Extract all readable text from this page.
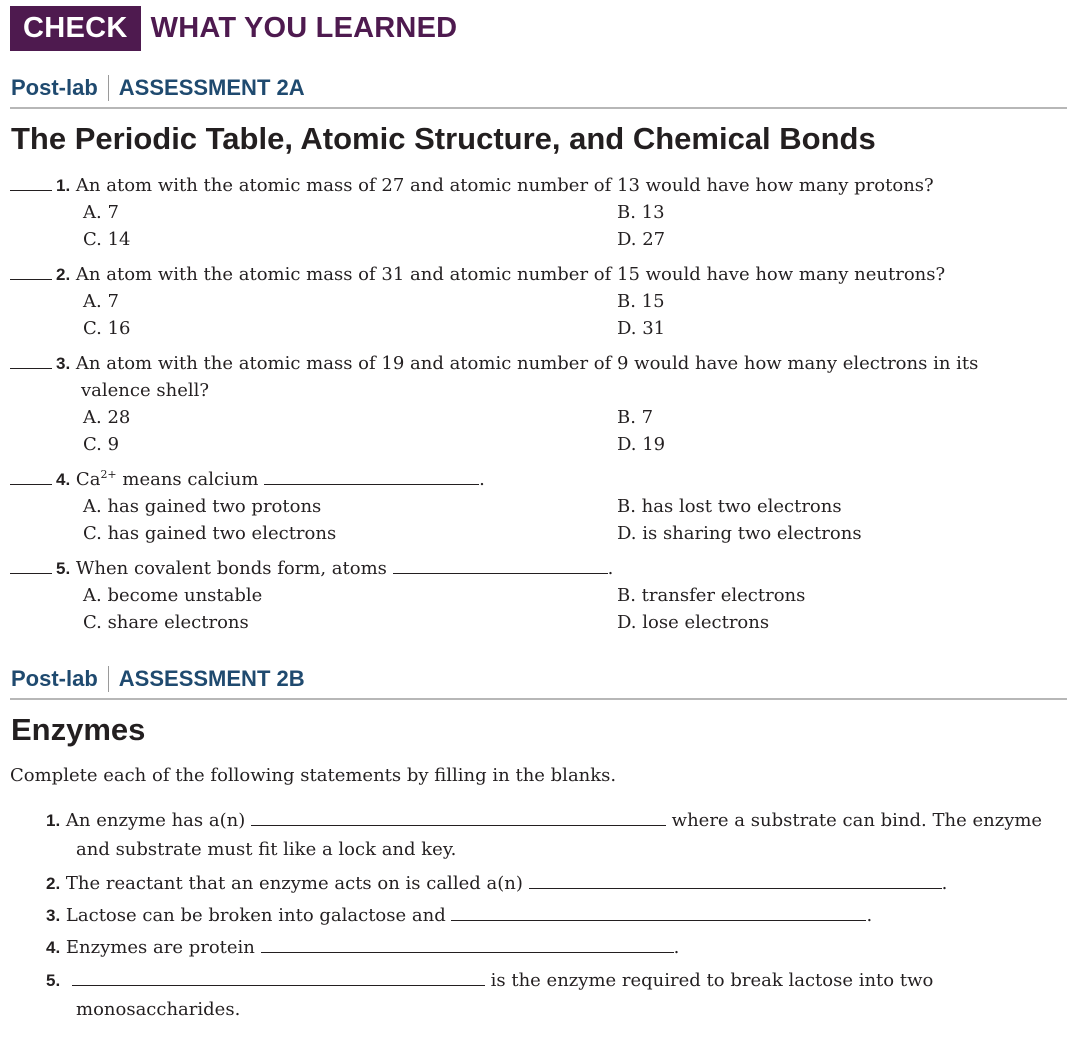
CHECK WHAT YOU LEARNED
Post-lab ASSESSMENT 2A
The Periodic Table, Atomic Structure, and Chemical Bonds
1. An atom with the atomic mass of 27 and atomic number of 13 would have how many protons?
A. 7	B. 13
C. 14	D. 27
2. An atom with the atomic mass of 31 and atomic number of 15 would have how many neutrons?
A. 7	B. 15
C. 16	D. 31
3. An atom with the atomic mass of 19 and atomic number of 9 would have how many electrons in its
valence shell?
A. 28	B. 7
C. 9	D. 19
4. $Ca^{2+}$ means calcium	.
A. has gained two protons	B. has lost two electrons
C. has gained two electrons	D. is sharing two electrons
5. When covalent bonds form, atoms	.
A. become unstable	B. transfer electrons
C. share electrons	D. lose electrons
Post-lab ASSESSMENT 2B
Enzymes
Complete each of the following statements by filling in the blanks.
1. An enzyme has a(n)	where a substrate can bind. The enzyme
and substrate must fit like a lock and key.
2. The reactant that an enzyme acts on is called a(n)	.
3. Lactose can be broken into galactose and	.
4. Enzymes are protein	.
5.	is the enzyme required to break lactose into two
monosaccharides.
